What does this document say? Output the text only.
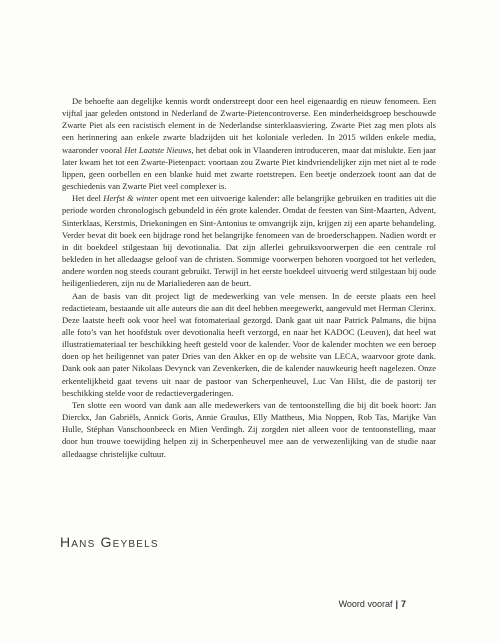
De behoefte aan degelijke kennis wordt onderstreept door een heel eigenaardig en nieuw fenomeen. Een vijftal jaar geleden ontstond in Nederland de Zwarte-Pietencontroverse. Een minderheidsgroep beschouwde Zwarte Piet als een racistisch element in de Nederlandse sinterklaasviering. Zwarte Piet zag men plots als een herinnering aan enkele zwarte bladzijden uit het koloniale verleden. In 2015 wilden enkele media, waaronder vooral Het Laatste Nieuws, het debat ook in Vlaanderen introduceren, maar dat mislukte. Een jaar later kwam het tot een Zwarte-Pietenpact: voortaan zou Zwarte Piet kindvriendelijker zijn met niet al te rode lippen, geen oorbellen en een blanke huid met zwarte roetstrepen. Een beetje onderzoek toont aan dat de geschiedenis van Zwarte Piet veel complexer is.

Het deel Herfst & winter opent met een uitvoerige kalender: alle belangrijke gebruiken en tradities uit die periode worden chronologisch gebundeld in één grote kalender. Omdat de feesten van Sint-Maarten, Advent, Sinterklaas, Kerstmis, Driekoningen en Sint-Antonius te omvangrijk zijn, krijgen zij een aparte behandeling. Verder bevat dit boek een bijdrage rond het belangrijke fenomeen van de broederschappen. Nadien wordt er in dit boekdeel stilgestaan bij devotionalia. Dat zijn allerlei gebruiksvoorwerpen die een centrale rol bekleden in het alledaagse geloof van de christen. Sommige voorwerpen behoren voorgoed tot het verleden, andere worden nog steeds courant gebruikt. Terwijl in het eerste boekdeel uitvoerig werd stilgestaan bij oude heiligenliederen, zijn nu de Marialiederen aan de beurt.

Aan de basis van dit project ligt de medewerking van vele mensen. In de eerste plaats een heel redactieteam, bestaande uit alle auteurs die aan dit deel hebben meegewerkt, aangevuld met Herman Clerinx. Deze laatste heeft ook voor heel wat fotomateriaal gezorgd. Dank gaat uit naar Patrick Palmans, die bijna alle foto’s van het hoofdstuk over devotionalia heeft verzorgd, en naar het KADOC (Leuven), dat heel wat illustratiemateriaal ter beschikking heeft gesteld voor de kalender. Voor de kalender mochten we een beroep doen op het heiligennet van pater Dries van den Akker en op de website van LECA, waarvoor grote dank. Dank ook aan pater Nikolaas Devynck van Zevenkerken, die de kalender nauwkeurig heeft nagelezen. Onze erkentelijkheid gaat tevens uit naar de pastoor van Scherpenheuvel, Luc Van Hilst, die de pastorij ter beschikking stelde voor de redactievergaderingen.

Ten slotte een woord van dank aan alle medewerkers van de tentoonstelling die bij dit boek hoort: Jan Dierckx, Jan Gabriëls, Annick Goris, Annie Graulus, Elly Mattheus, Mia Noppen, Rob Tas, Marijke Van Hulle, Stéphan Vanschoonbeeck en Mien Verdingh. Zij zorgden niet alleen voor de tentoonstelling, maar door hun trouwe toewijding helpen zij in Scherpenheuvel mee aan de verwezenlijking van de studie naar alledaagse christelijke cultuur.

Hans Geybels
Woord vooraf | 7
